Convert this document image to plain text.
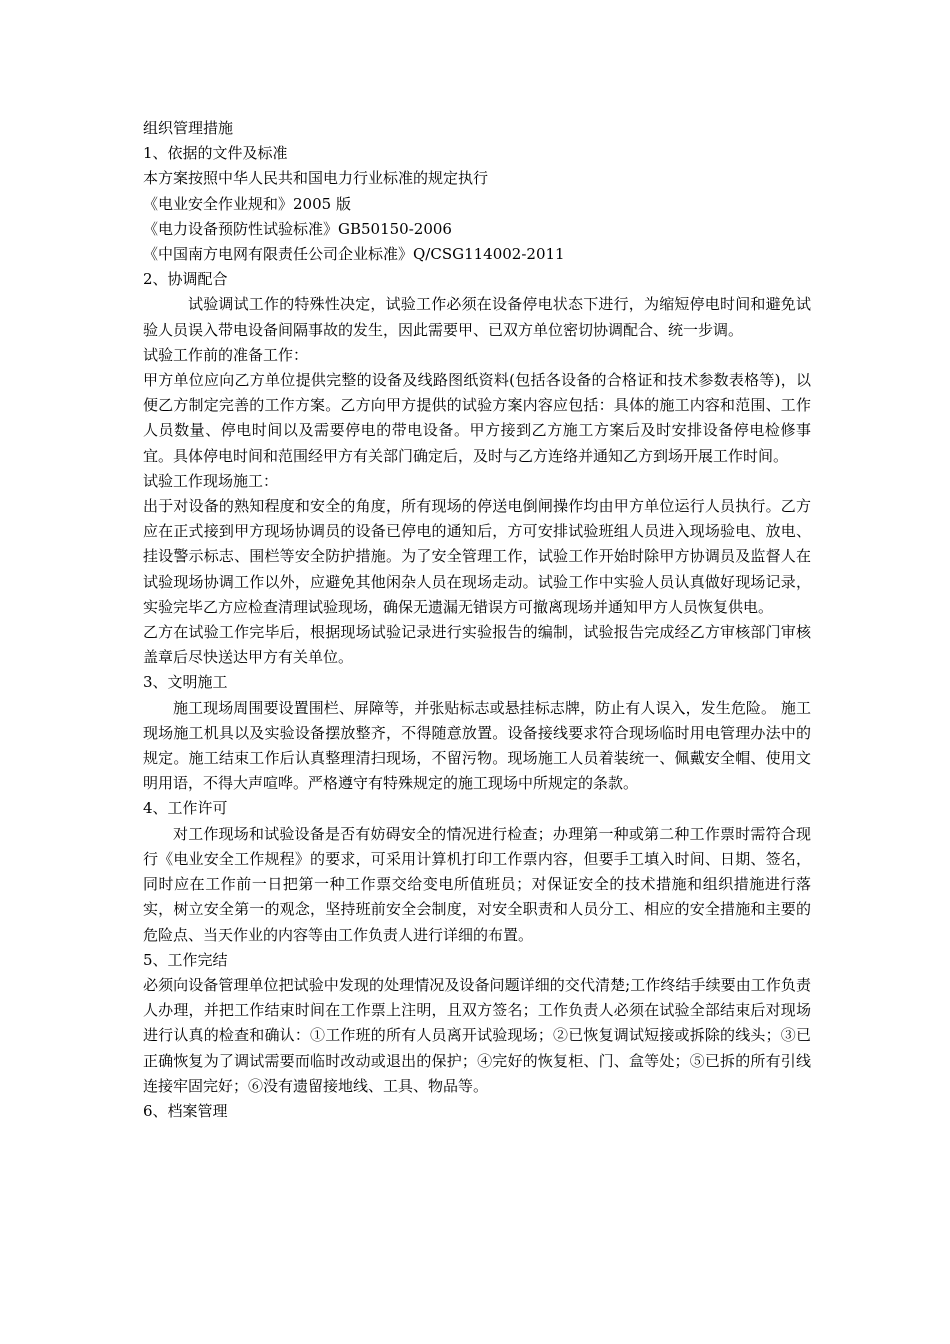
组织管理措施

1、依据的文件及标准

本方案按照中华人民共和国电力行业标准的规定执行

《电业安全作业规和》2005 版

《电力设备预防性试验标准》GB50150-2006

《中国南方电网有限责任公司企业标准》Q/CSG114002-2011

2、协调配合

试验调试工作的特殊性决定，试验工作必须在设备停电状态下进行，为缩短停电时间和避免试验人员误入带电设备间隔事故的发生，因此需要甲、已双方单位密切协调配合、统一步调。

试验工作前的准备工作：

甲方单位应向乙方单位提供完整的设备及线路图纸资料(包括各设备的合格证和技术参数表格等)，以便乙方制定完善的工作方案。乙方向甲方提供的试验方案内容应包括：具体的施工内容和范围、工作人员数量、停电时间以及需要停电的带电设备。甲方接到乙方施工方案后及时安排设备停电检修事宜。具体停电时间和范围经甲方有关部门确定后，及时与乙方连络并通知乙方到场开展工作时间。

试验工作现场施工：

出于对设备的熟知程度和安全的角度，所有现场的停送电倒闸操作均由甲方单位运行人员执行。乙方应在正式接到甲方现场协调员的设备已停电的通知后，方可安排试验班组人员进入现场验电、放电、挂设警示标志、围栏等安全防护措施。为了安全管理工作，试验工作开始时除甲方协调员及监督人在试验现场协调工作以外，应避免其他闲杂人员在现场走动。试验工作中实验人员认真做好现场记录，实验完毕乙方应检查清理试验现场，确保无遗漏无错误方可撤离现场并通知甲方人员恢复供电。

乙方在试验工作完毕后，根据现场试验记录进行实验报告的编制，试验报告完成经乙方审核部门审核盖章后尽快送达甲方有关单位。

3、文明施工

施工现场周围要设置围栏、屏障等，并张贴标志或悬挂标志牌，防止有人误入，发生危险。 施工现场施工机具以及实验设备摆放整齐，不得随意放置。设备接线要求符合现场临时用电管理办法中的规定。施工结束工作后认真整理清扫现场，不留污物。现场施工人员着装统一、佩戴安全帽、使用文明用语，不得大声喧哗。严格遵守有特殊规定的施工现场中所规定的条款。

4、工作许可

对工作现场和试验设备是否有妨碍安全的情况进行检查；办理第一种或第二种工作票时需符合现行《电业安全工作规程》的要求，可采用计算机打印工作票内容，但要手工填入时间、日期、签名，同时应在工作前一日把第一种工作票交给变电所值班员；对保证安全的技术措施和组织措施进行落实，树立安全第一的观念，坚持班前安全会制度，对安全职责和人员分工、相应的安全措施和主要的危险点、当天作业的内容等由工作负责人进行详细的布置。

5、工作完结

必须向设备管理单位把试验中发现的处理情况及设备问题详细的交代清楚;工作终结手续要由工作负责人办理，并把工作结束时间在工作票上注明，且双方签名；工作负责人必须在试验全部结束后对现场进行认真的检查和确认：①工作班的所有人员离开试验现场；②已恢复调试短接或拆除的线头；③已正确恢复为了调试需要而临时改动或退出的保护；④完好的恢复柜、门、盒等处；⑤已拆的所有引线连接牢固完好；⑥没有遗留接地线、工具、物品等。

6、档案管理
